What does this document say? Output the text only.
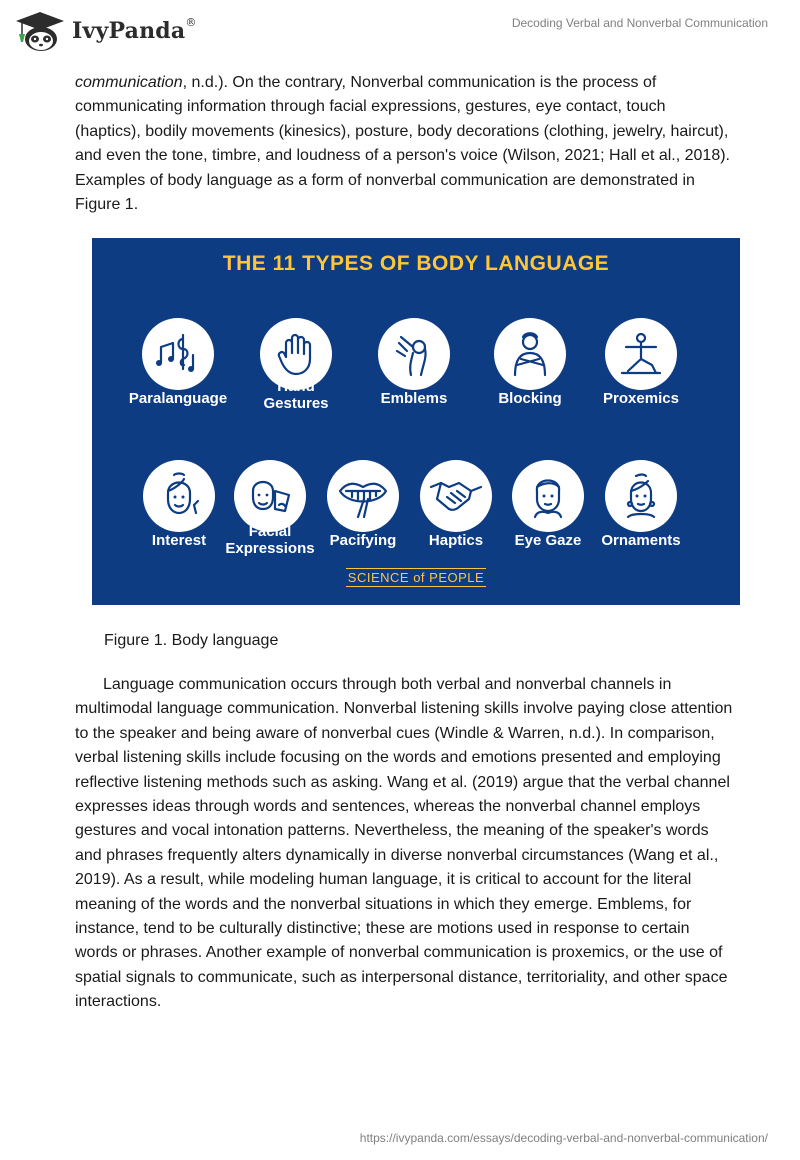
IvyPanda®	Decoding Verbal and Nonverbal Communication

communication, n.d.). On the contrary, Nonverbal communication is the process of communicating information through facial expressions, gestures, eye contact, touch (haptics), bodily movements (kinesics), posture, body decorations (clothing, jewelry, haircut), and even the tone, timbre, and loudness of a person's voice (Wilson, 2021; Hall et al., 2018). Examples of body language as a form of nonverbal communication are demonstrated in Figure 1.

THE 11 TYPES OF BODY LANGUAGE
Paralanguage
Hand
Gestures	Emblems	Blocking	Proxemics
Interest
Facial
Expressions	Pacifying	Haptics	Eye Gaze	Ornaments
SCIENCE of PEOPLE
Figure 1. Body language

Language communication occurs through both verbal and nonverbal channels in multimodal language communication. Nonverbal listening skills involve paying close attention to the speaker and being aware of nonverbal cues (Windle & Warren, n.d.). In comparison, verbal listening skills include focusing on the words and emotions presented and employing reflective listening methods such as asking. Wang et al. (2019) argue that the verbal channel expresses ideas through words and sentences, whereas the nonverbal channel employs gestures and vocal intonation patterns. Nevertheless, the meaning of the speaker's words and phrases frequently alters dynamically in diverse nonverbal circumstances (Wang et al., 2019). As a result, while modeling human language, it is critical to account for the literal meaning of the words and the nonverbal situations in which they emerge. Emblems, for instance, tend to be culturally distinctive; these are motions used in response to certain words or phrases. Another example of nonverbal communication is proxemics, or the use of spatial signals to communicate, such as interpersonal distance, territoriality, and other space interactions.

https://ivypanda.com/essays/decoding-verbal-and-nonverbal-communication/
